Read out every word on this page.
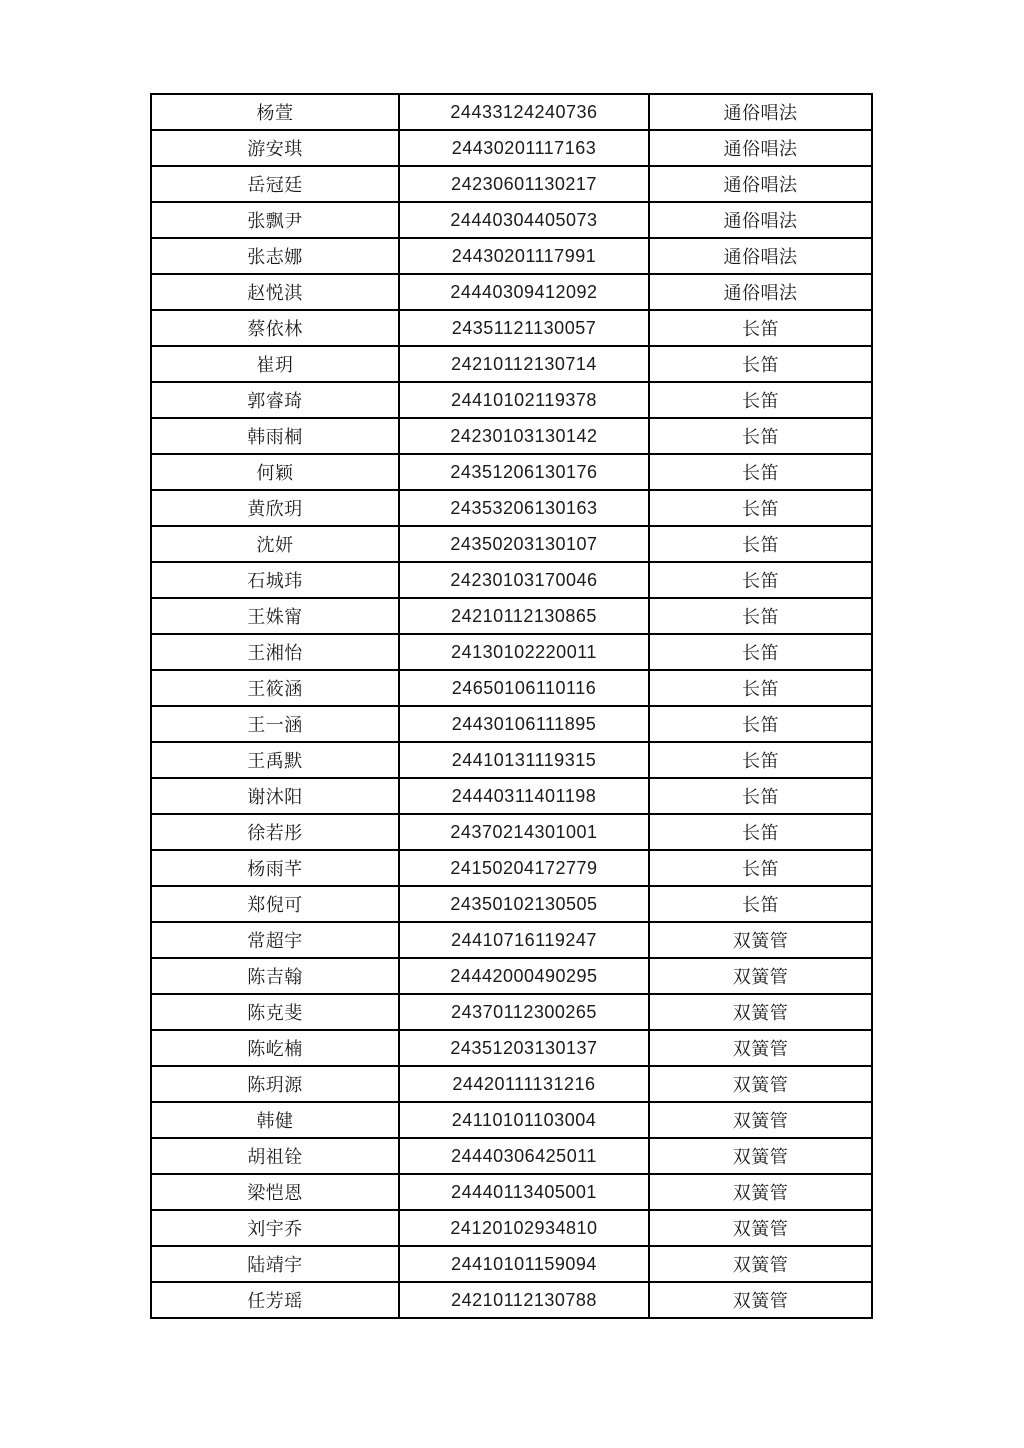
杨萱	24433124240736	通俗唱法
游安琪	24430201117163	通俗唱法
岳冠廷	24230601130217	通俗唱法
张飘尹	24440304405073	通俗唱法
张志娜	24430201117991	通俗唱法
赵悦淇	24440309412092	通俗唱法
蔡依林	24351121130057	长笛
崔玥	24210112130714	长笛
郭睿琦	24410102119378	长笛
韩雨桐	24230103130142	长笛
何颖	24351206130176	长笛
黄欣玥	24353206130163	长笛
沈妍	24350203130107	长笛
石城玮	24230103170046	长笛
王姝甯	24210112130865	长笛
王湘怡	24130102220011	长笛
王筱涵	24650106110116	长笛
王一涵	24430106111895	长笛
王禹默	24410131119315	长笛
谢沐阳	24440311401198	长笛
徐若彤	24370214301001	长笛
杨雨芊	24150204172779	长笛
郑倪可	24350102130505	长笛
常超宇	24410716119247	双簧管
陈吉翰	24442000490295	双簧管
陈克斐	24370112300265	双簧管
陈屹楠	24351203130137	双簧管
陈玥源	24420111131216	双簧管
韩健	24110101103004	双簧管
胡祖铨	24440306425011	双簧管
梁恺恩	24440113405001	双簧管
刘宇乔	24120102934810	双簧管
陆靖宇	24410101159094	双簧管
任芳瑶	24210112130788	双簧管
